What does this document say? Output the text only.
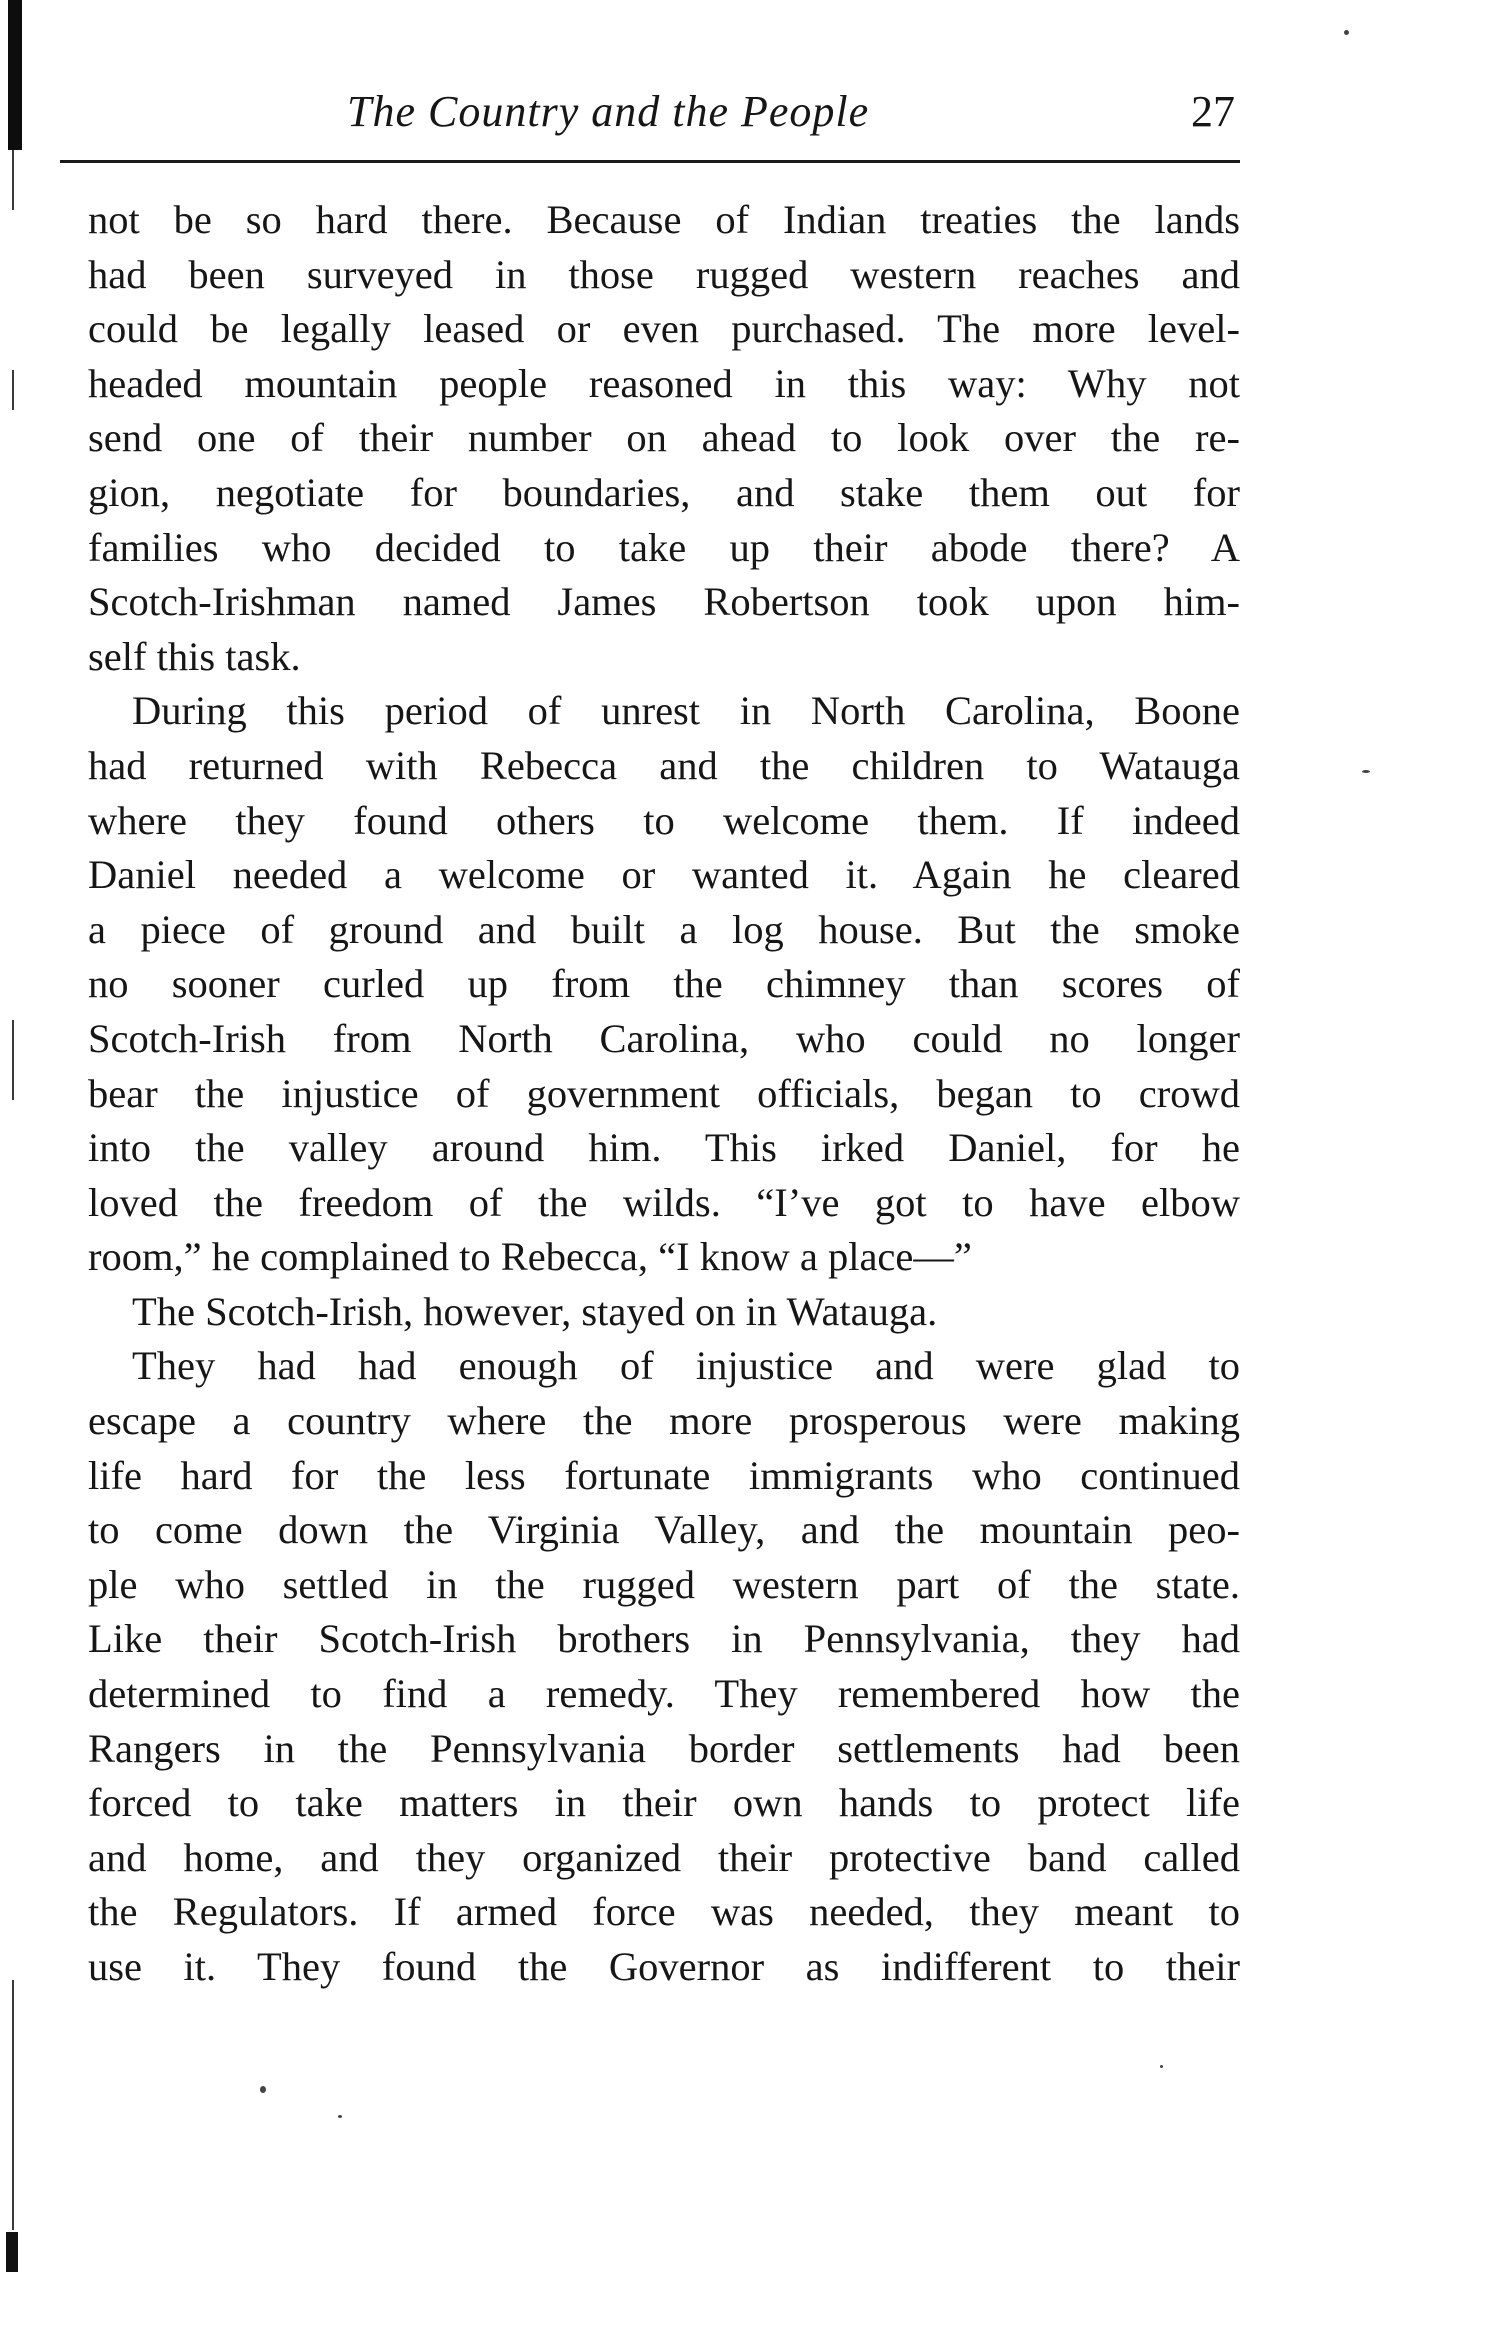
The Country and the People	27
not be so hard there. Because of Indian treaties the lands
had been surveyed in those rugged western reaches and
could be legally leased or even purchased. The more level-
headed mountain people reasoned in this way: Why not
send one of their number on ahead to look over the re-
gion, negotiate for boundaries, and stake them out for
families who decided to take up their abode there? A
Scotch-Irishman named James Robertson took upon him-
self this task.
During this period of unrest in North Carolina, Boone
had returned with Rebecca and the children to Watauga
where they found others to welcome them. If indeed
Daniel needed a welcome or wanted it. Again he cleared
a piece of ground and built a log house. But the smoke
no sooner curled up from the chimney than scores of
Scotch-Irish from North Carolina, who could no longer
bear the injustice of government officials, began to crowd
into the valley around him. This irked Daniel, for he
loved the freedom of the wilds. “I’ve got to have elbow
room,” he complained to Rebecca, “I know a place—”
The Scotch-Irish, however, stayed on in Watauga.
They had had enough of injustice and were glad to
escape a country where the more prosperous were making
life hard for the less fortunate immigrants who continued
to come down the Virginia Valley, and the mountain peo-
ple who settled in the rugged western part of the state.
Like their Scotch-Irish brothers in Pennsylvania, they had
determined to find a remedy. They remembered how the
Rangers in the Pennsylvania border settlements had been
forced to take matters in their own hands to protect life
and home, and they organized their protective band called
the Regulators. If armed force was needed, they meant to
use it. They found the Governor as indifferent to their
